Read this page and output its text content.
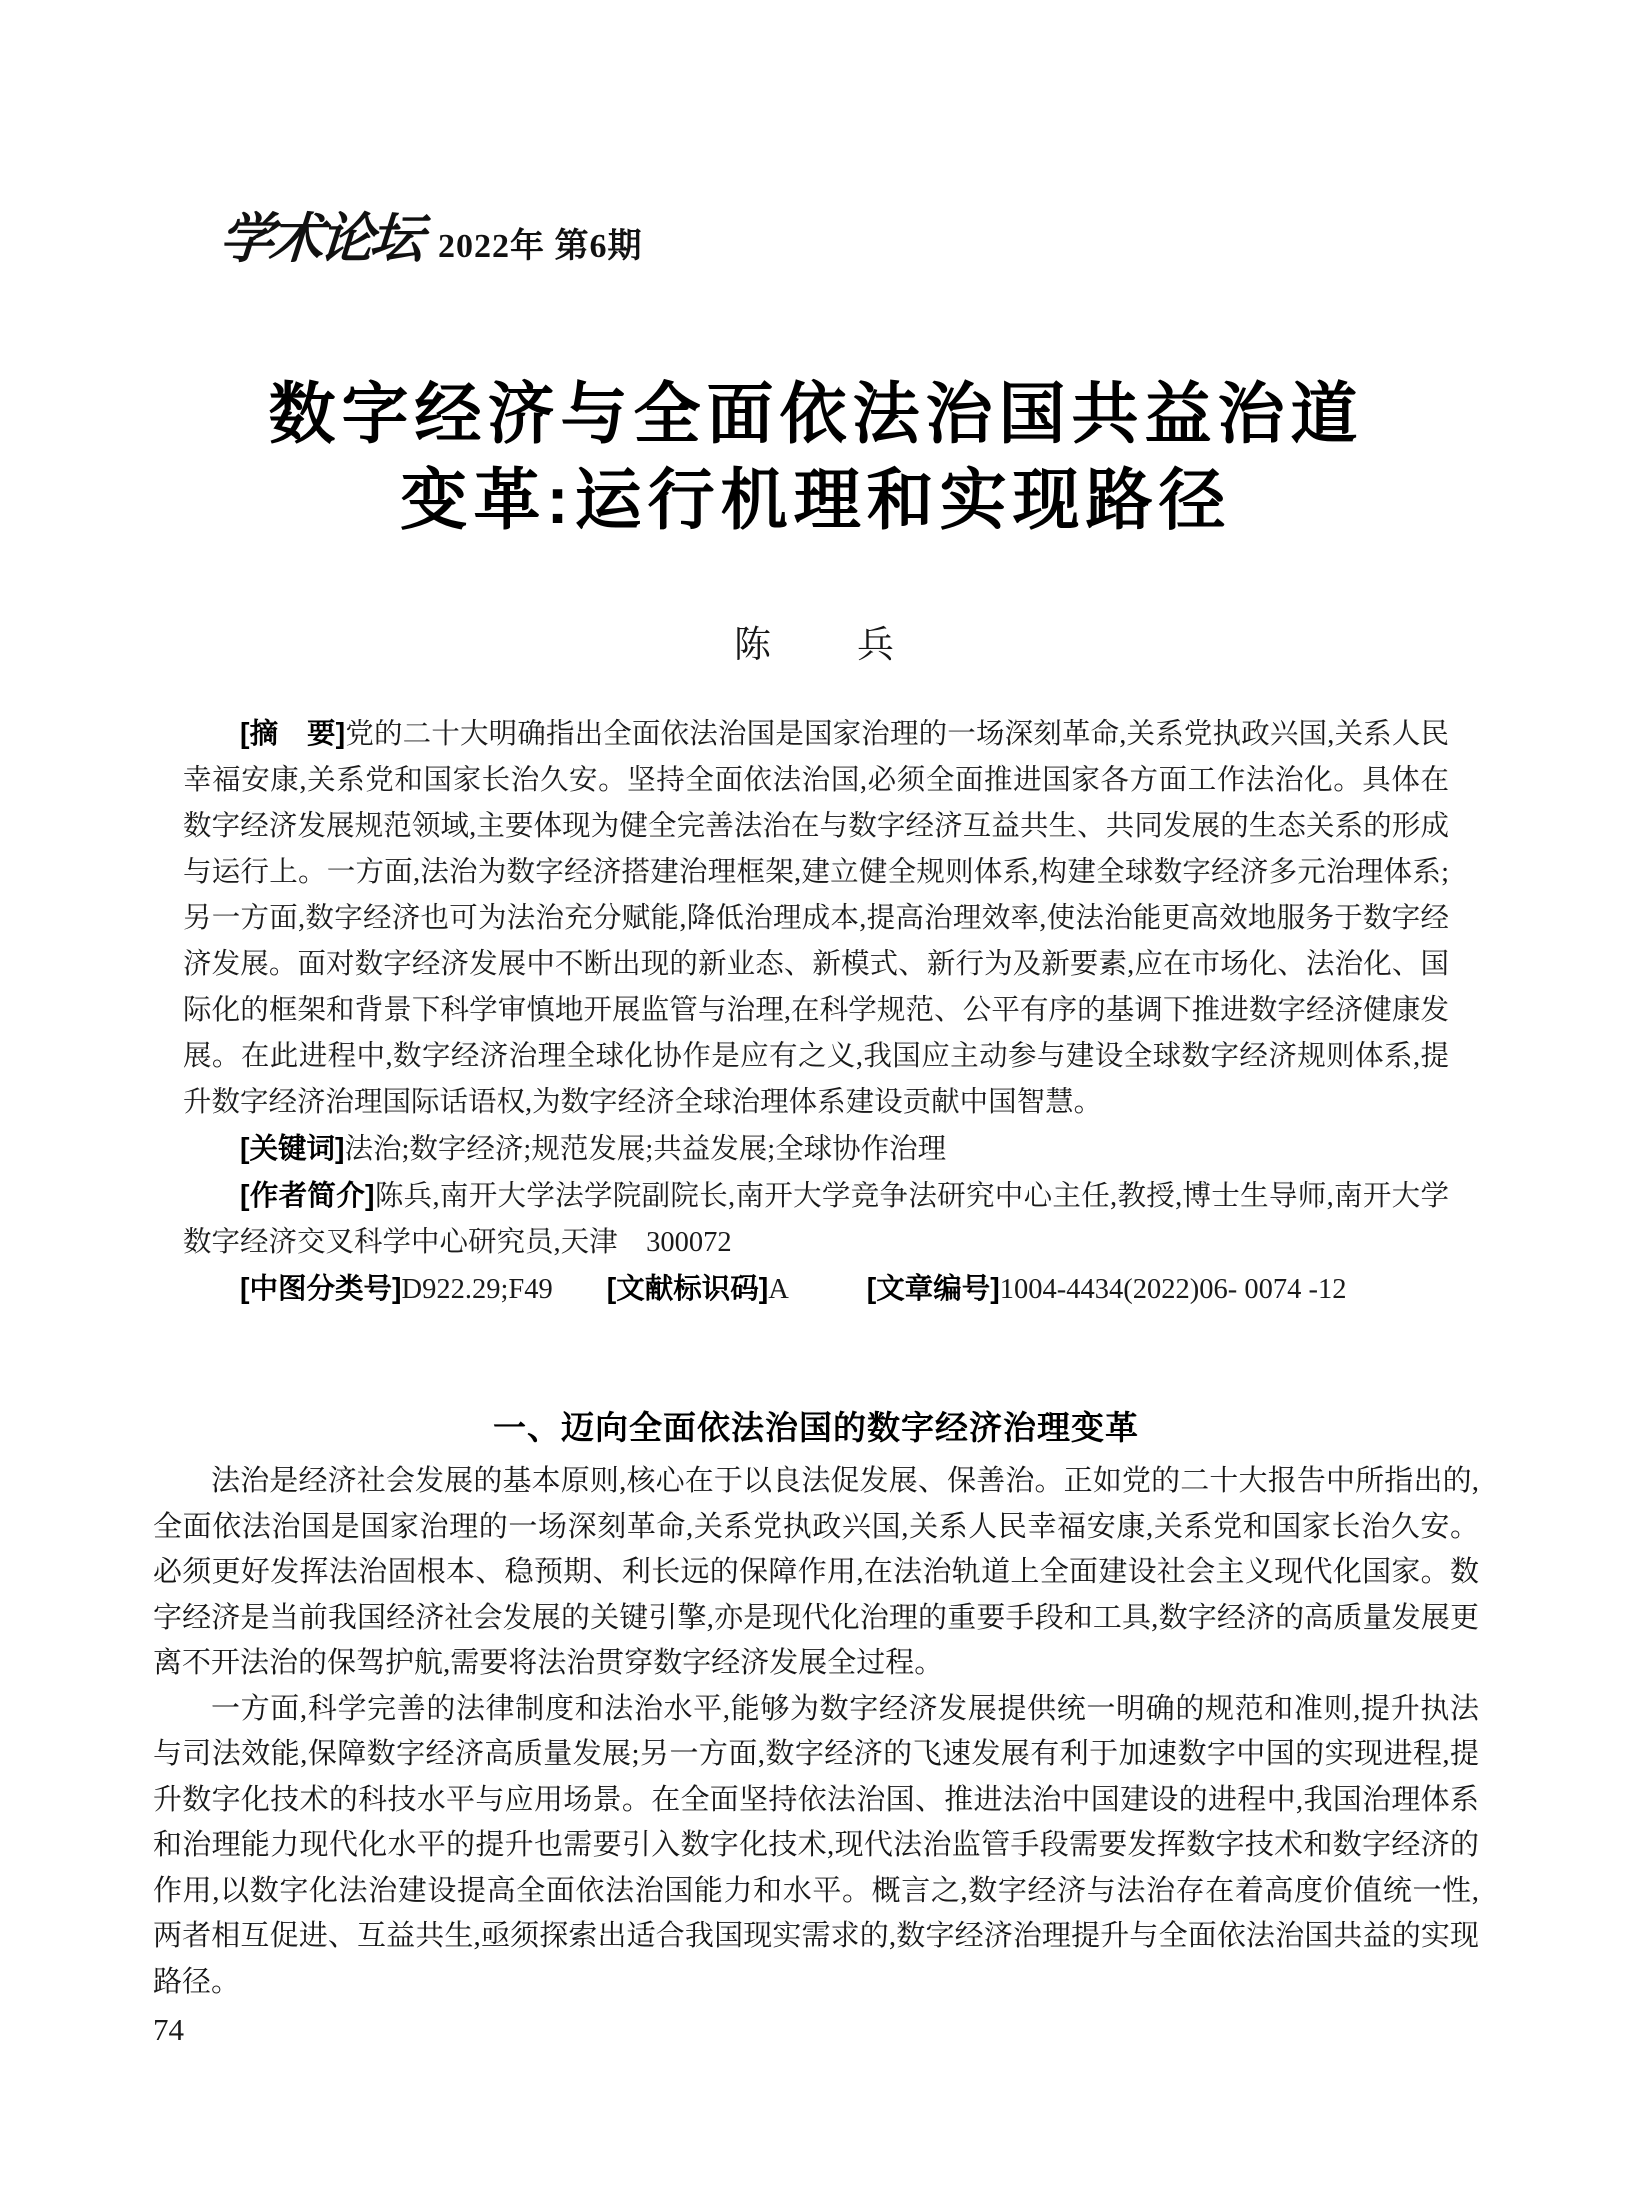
学术论坛 2022年 第6期
数字经济与全面依法治国共益治道
变革:运行机理和实现路径
陈　　兵

[摘　要]党的二十大明确指出全面依法治国是国家治理的一场深刻革命,关系党执政兴国,关系人民幸福安康,关系党和国家长治久安。坚持全面依法治国,必须全面推进国家各方面工作法治化。具体在数字经济发展规范领域,主要体现为健全完善法治在与数字经济互益共生、共同发展的生态关系的形成与运行上。一方面,法治为数字经济搭建治理框架,建立健全规则体系,构建全球数字经济多元治理体系;另一方面,数字经济也可为法治充分赋能,降低治理成本,提高治理效率,使法治能更高效地服务于数字经济发展。面对数字经济发展中不断出现的新业态、新模式、新行为及新要素,应在市场化、法治化、国际化的框架和背景下科学审慎地开展监管与治理,在科学规范、公平有序的基调下推进数字经济健康发展。在此进程中,数字经济治理全球化协作是应有之义,我国应主动参与建设全球数字经济规则体系,提升数字经济治理国际话语权,为数字经济全球治理体系建设贡献中国智慧。

[关键词]法治;数字经济;规范发展;共益发展;全球协作治理

[作者简介]陈兵,南开大学法学院副院长,南开大学竞争法研究中心主任,教授,博士生导师,南开大学数字经济交叉科学中心研究员,天津　300072

[中图分类号]D922.29;F49 [文献标识码]A	[文章编号]1004-4434(2022)06- 0074 -12

一、迈向全面依法治国的数字经济治理变革

法治是经济社会发展的基本原则,核心在于以良法促发展、保善治。正如党的二十大报告中所指出的,全面依法治国是国家治理的一场深刻革命,关系党执政兴国,关系人民幸福安康,关系党和国家长治久安。必须更好发挥法治固根本、稳预期、利长远的保障作用,在法治轨道上全面建设社会主义现代化国家。数字经济是当前我国经济社会发展的关键引擎,亦是现代化治理的重要手段和工具,数字经济的高质量发展更离不开法治的保驾护航,需要将法治贯穿数字经济发展全过程。

一方面,科学完善的法律制度和法治水平,能够为数字经济发展提供统一明确的规范和准则,提升执法与司法效能,保障数字经济高质量发展;另一方面,数字经济的飞速发展有利于加速数字中国的实现进程,提升数字化技术的科技水平与应用场景。在全面坚持依法治国、推进法治中国建设的进程中,我国治理体系和治理能力现代化水平的提升也需要引入数字化技术,现代法治监管手段需要发挥数字技术和数字经济的作用,以数字化法治建设提高全面依法治国能力和水平。概言之,数字经济与法治存在着高度价值统一性,两者相互促进、互益共生,亟须探索出适合我国现实需求的,数字经济治理提升与全面依法治国共益的实现路径。

74
